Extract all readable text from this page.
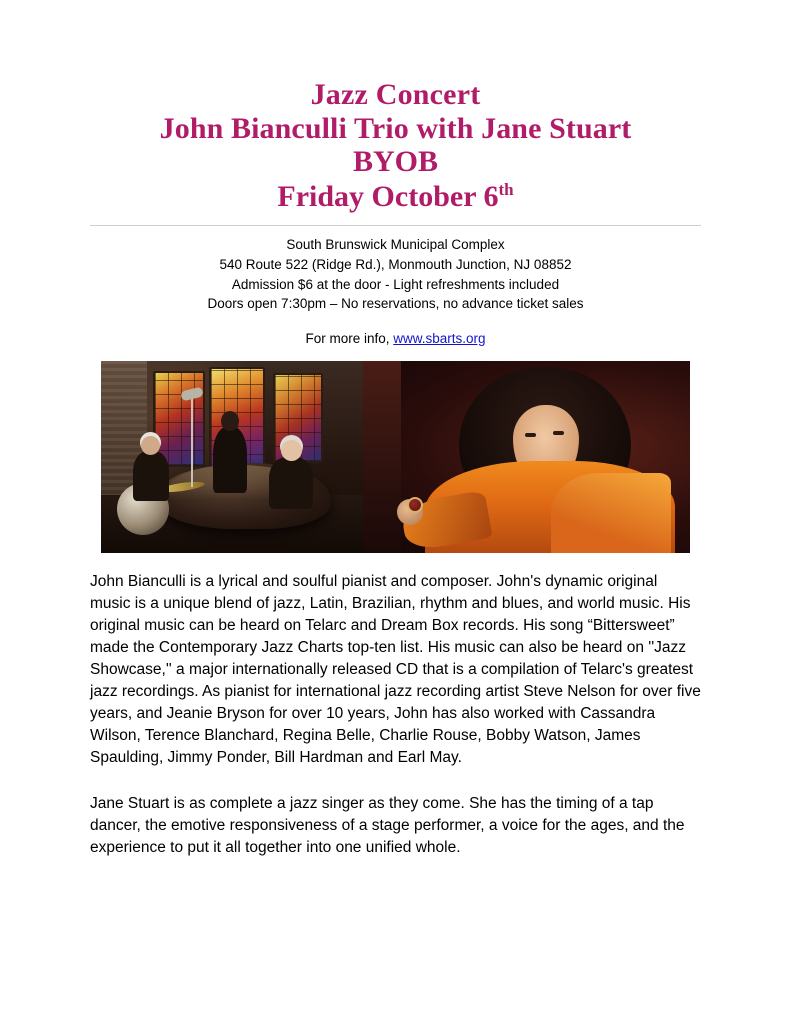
Jazz Concert
John Bianculli Trio with Jane Stuart
BYOB
Friday October 6th
South Brunswick Municipal Complex
540 Route 522 (Ridge Rd.), Monmouth Junction, NJ 08852
Admission $6 at the door - Light refreshments included
Doors open 7:30pm – No reservations, no advance ticket sales
For more info, www.sbarts.org

John Bianculli is a lyrical and soulful pianist and composer. John's dynamic original music is a unique blend of jazz, Latin, Brazilian, rhythm and blues, and world music. His original music can be heard on Telarc and Dream Box records. His song “Bittersweet” made the Contemporary Jazz Charts top-ten list. His music can also be heard on ''Jazz Showcase,'' a major internationally released CD that is a compilation of Telarc's greatest jazz recordings. As pianist for international jazz recording artist Steve Nelson for over five years, and Jeanie Bryson for over 10 years, John has also worked with Cassandra Wilson, Terence Blanchard, Regina Belle, Charlie Rouse, Bobby Watson, James Spaulding, Jimmy Ponder, Bill Hardman and Earl May.

Jane Stuart is as complete a jazz singer as they come. She has the timing of a tap dancer, the emotive responsiveness of a stage performer, a voice for the ages, and the experience to put it all together into one unified whole.
